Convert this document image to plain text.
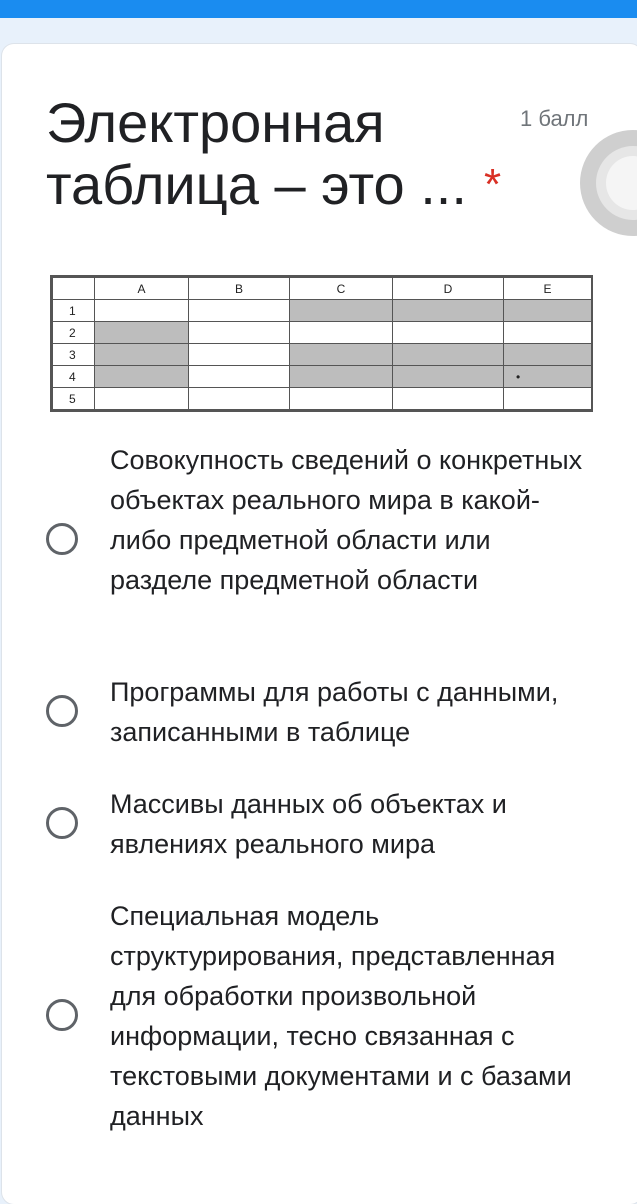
Электронная таблица – это ... *
1 балл
	A	B	C	D	E
1					
2					
3					
4					•
5					
Совокупность сведений о конкретных объектах реального мира в какой-либо предметной области или разделе предметной области
Программы для работы с данными, записанными в таблице
Массивы данных об объектах и явлениях реального мира
Специальная модель структурирования, представленная для обработки произвольной информации, тесно связанная с текстовыми документами и с базами данных
